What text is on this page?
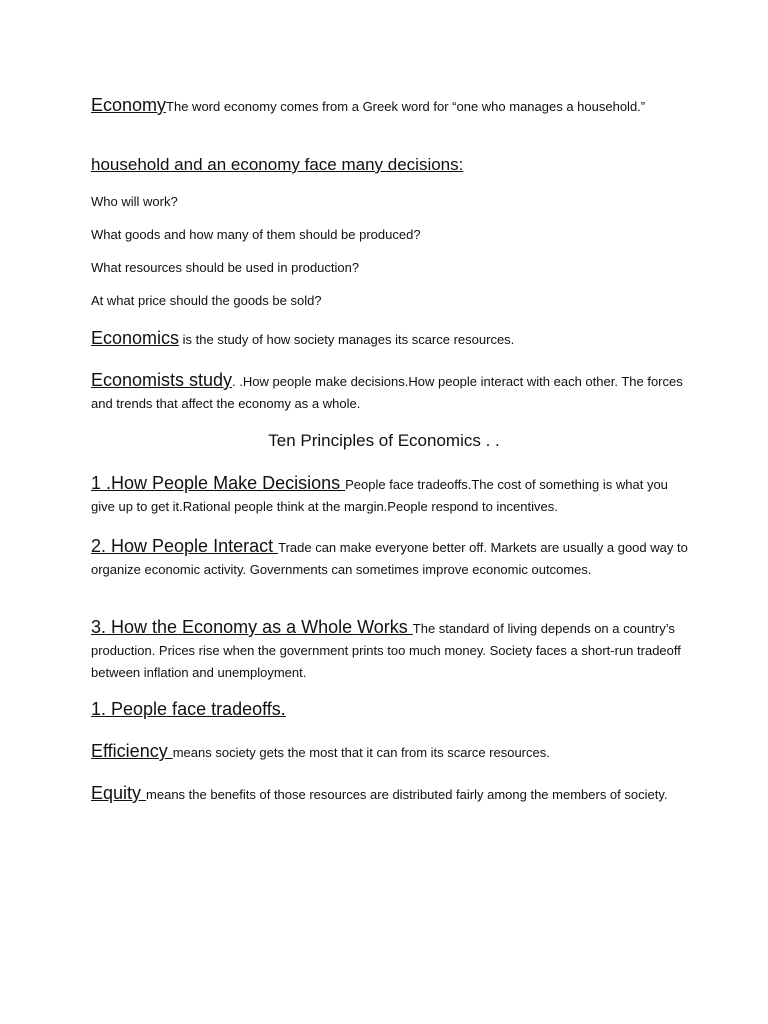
EconomyThe word economy comes from a Greek word for “one who manages a household.”
household and an economy face many decisions:
Who will work?
What goods and how many of them should be produced?
What resources should be used in production?
At what price should the goods be sold?
Economics is the study of how society manages its scarce resources.
Economists study. .How people make decisions.How people interact with each other. The forces and trends that affect the economy as a whole.
Ten Principles of Economics . .
1 .How People Make Decisions People face tradeoffs.The cost of something is what you give up to get it.Rational people think at the margin.People respond to incentives.
2. How People Interact Trade can make everyone better off. Markets are usually a good way to organize economic activity. Governments can sometimes improve economic outcomes.
3. How the Economy as a Whole Works The standard of living depends on a country’s production. Prices rise when the government prints too much money. Society faces a short-run tradeoff between inflation and unemployment.
1. People face tradeoffs.
Efficiency means society gets the most that it can from its scarce resources.
Equity means the benefits of those resources are distributed fairly among the members of society.
